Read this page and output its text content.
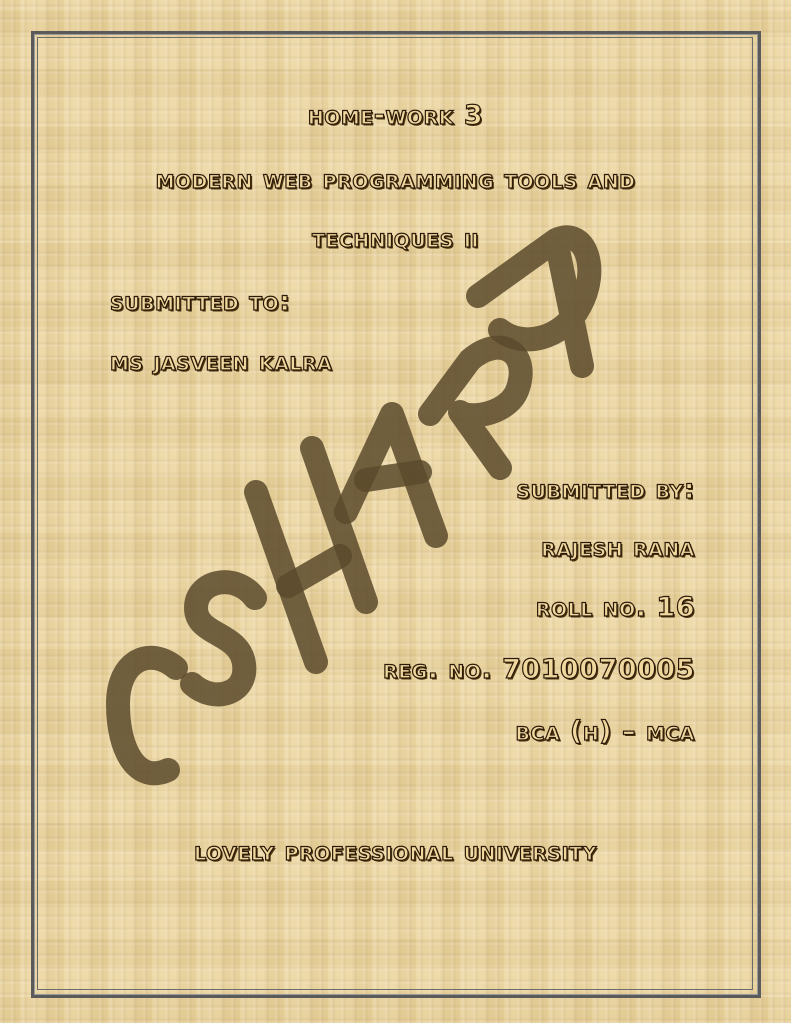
home-work 3
modern web programming tools and
techniques ii
submitted to:
ms jasveen kalra
submitted by:
rajesh rana
roll no. 16
reg. no. 7010070005
bca (h) – mca
lovely professional university
